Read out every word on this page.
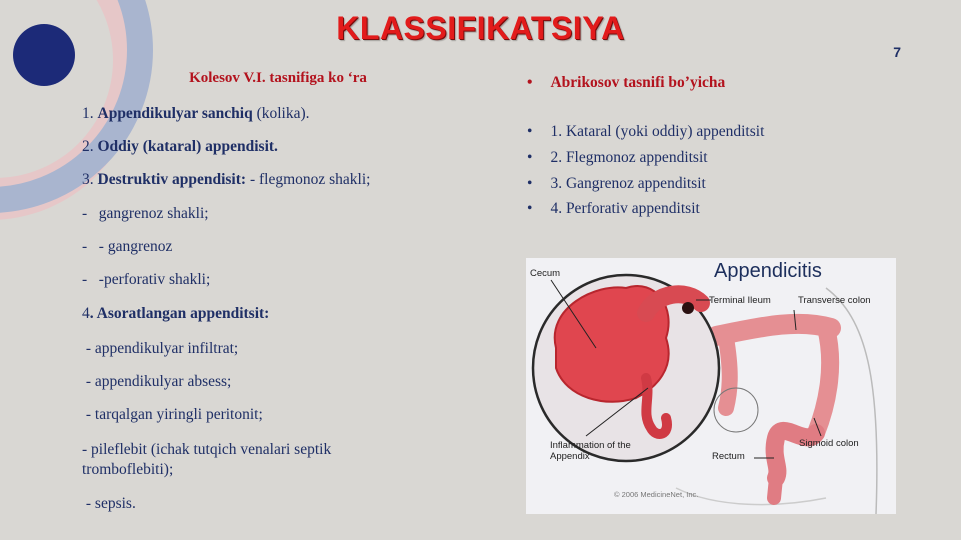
KLASSIFIKATSIYA
7
Kolesov V.I. tasnifiga ko ‘ra
1. Appendikulyar sanchiq (kolika).
2. Oddiy (kataral) appendisit.
3. Destruktiv appendisit: - flegmonoz shakli;
-   gangrenoz shakli;
-   - gangrenoz
-   -perforativ shakli;
4. Asoratlangan appenditsit:
- appendikulyar infiltrat;
- appendikulyar absess;
- tarqalgan yiringli peritonit;
- pileflebit (ichak tutqich venalari septik tromboflebiti);
- sepsis.
• Abrikosov tasnifi bo’yicha
• 1. Kataral (yoki oddiy) appenditsit
• 2. Flegmonoz appenditsit
• 3. Gangrenoz appenditsit
• 4. Perforativ appenditsit
Appendicitis
Cecum
Terminal Ileum	Transverse colon
Inflammation of the Appendix	Rectum
Sigmoid colon
© 2006 MedicineNet, Inc.
